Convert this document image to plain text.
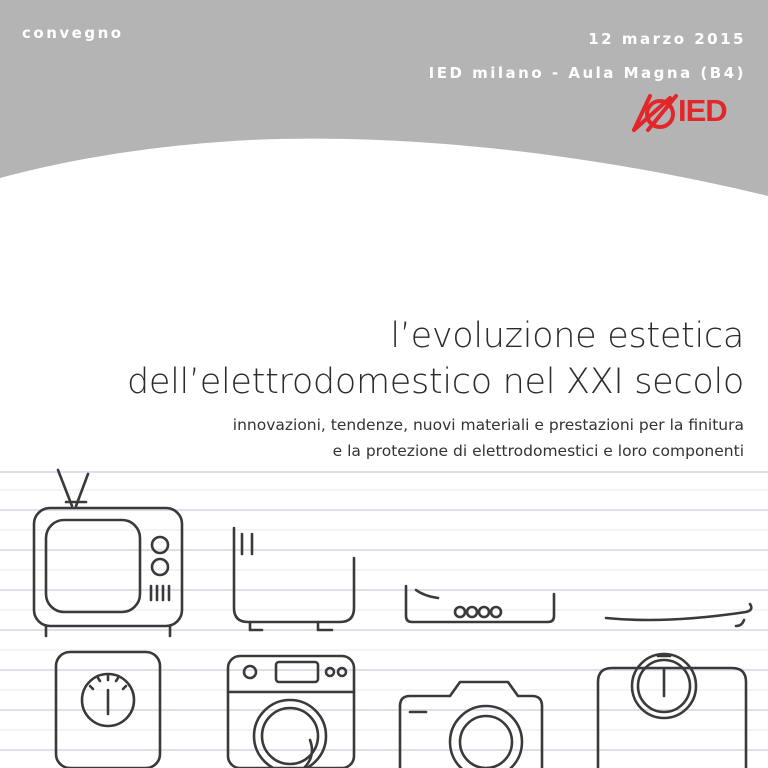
convegno	12 marzo 2015
IED milano - Aula Magna (B4)
IED
l’evoluzione estetica
dell’elettrodomestico nel XXI secolo
innovazioni, tendenze, nuovi materiali e prestazioni per la finitura
e la protezione di elettrodomestici e loro componenti
